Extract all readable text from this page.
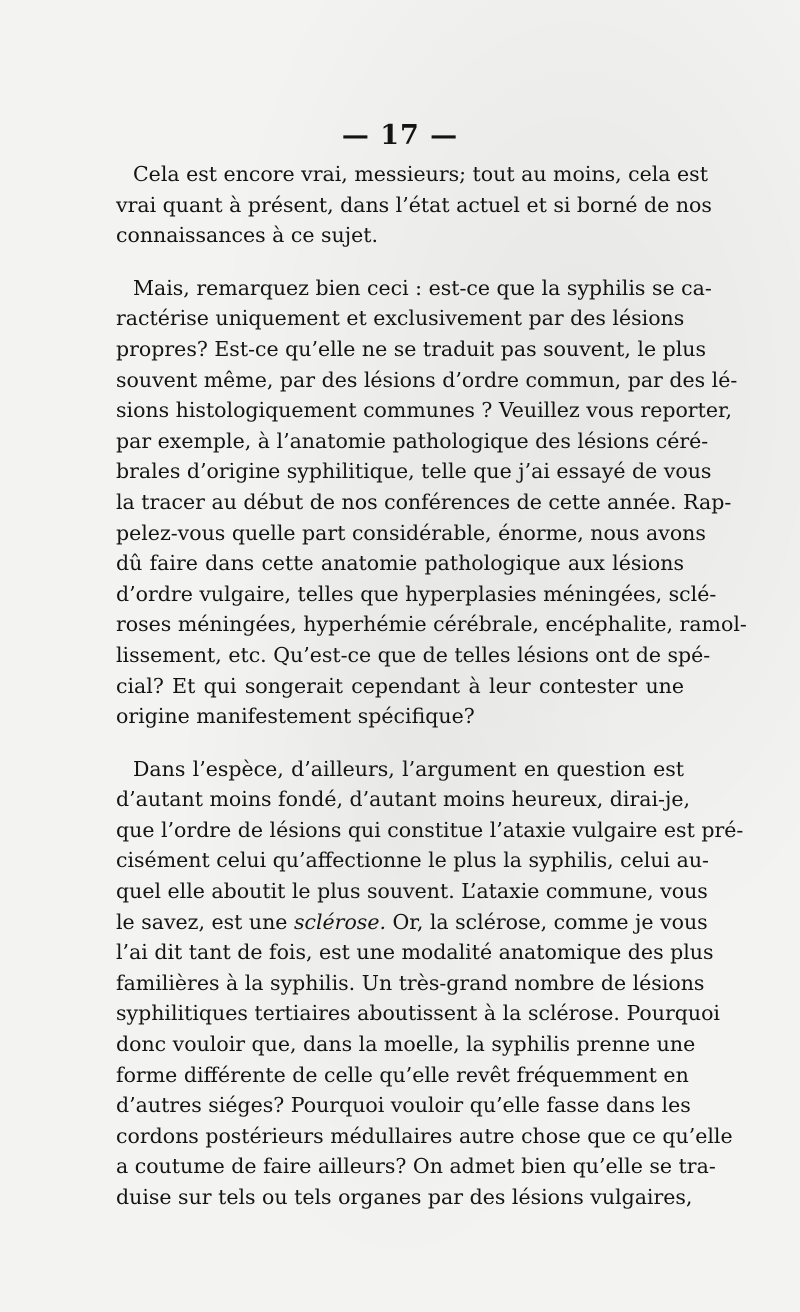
— 17 —
Cela est encore vrai, messieurs; tout au moins, cela est
vrai quant à présent, dans l’état actuel et si borné de nos
connaissances à ce sujet.
Mais, remarquez bien ceci : est-ce que la syphilis se ca-
ractérise uniquement et exclusivement par des lésions
propres? Est-ce qu’elle ne se traduit pas souvent, le plus
souvent même, par des lésions d’ordre commun, par des lé-
sions histologiquement communes ? Veuillez vous reporter,
par exemple, à l’anatomie pathologique des lésions céré-
brales d’origine syphilitique, telle que j’ai essayé de vous
la tracer au début de nos conférences de cette année. Rap-
pelez-vous quelle part considérable, énorme, nous avons
dû faire dans cette anatomie pathologique aux lésions
d’ordre vulgaire, telles que hyperplasies méningées, sclé-
roses méningées, hyperhémie cérébrale, encéphalite, ramol-
lissement, etc. Qu’est-ce que de telles lésions ont de spé-
cial? Et qui songerait cependant à leur contester une
origine manifestement spécifique?
Dans l’espèce, d’ailleurs, l’argument en question est
d’autant moins fondé, d’autant moins heureux, dirai-je,
que l’ordre de lésions qui constitue l’ataxie vulgaire est pré-
cisément celui qu’affectionne le plus la syphilis, celui au-
quel elle aboutit le plus souvent. L’ataxie commune, vous
le savez, est une sclérose. Or, la sclérose, comme je vous
l’ai dit tant de fois, est une modalité anatomique des plus
familières à la syphilis. Un très-grand nombre de lésions
syphilitiques tertiaires aboutissent à la sclérose. Pourquoi
donc vouloir que, dans la moelle, la syphilis prenne une
forme différente de celle qu’elle revêt fréquemment en
d’autres siéges? Pourquoi vouloir qu’elle fasse dans les
cordons postérieurs médullaires autre chose que ce qu’elle
a coutume de faire ailleurs? On admet bien qu’elle se tra-
duise sur tels ou tels organes par des lésions vulgaires,
